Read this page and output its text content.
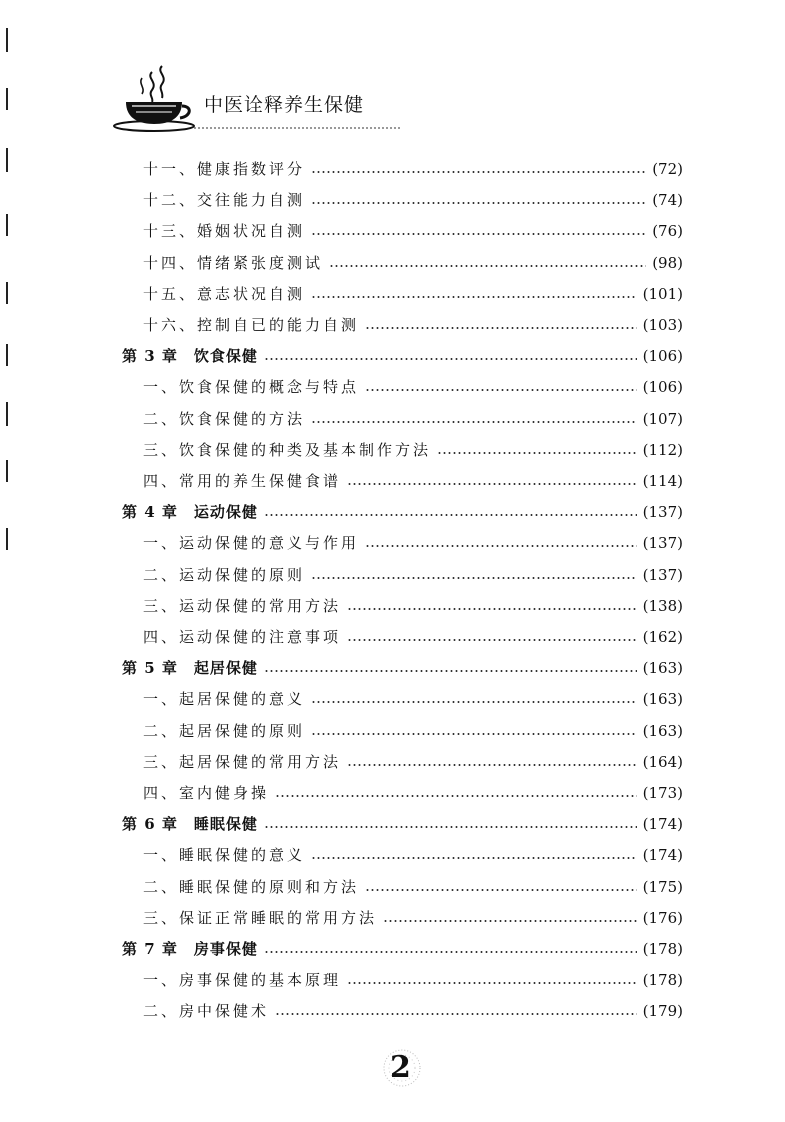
中医诠释养生保健
十一、健康指数评分	(72)
十二、交往能力自测	(74)
十三、婚姻状况自测	(76)
十四、情绪紧张度测试	(98)
十五、意志状况自测	(101)
十六、控制自已的能力自测	(103)
第 3 章　饮食保健	(106)
一、饮食保健的概念与特点	(106)
二、饮食保健的方法	(107)
三、饮食保健的种类及基本制作方法	(112)
四、常用的养生保健食谱	(114)
第 4 章　运动保健	(137)
一、运动保健的意义与作用	(137)
二、运动保健的原则	(137)
三、运动保健的常用方法	(138)
四、运动保健的注意事项	(162)
第 5 章　起居保健	(163)
一、起居保健的意义	(163)
二、起居保健的原则	(163)
三、起居保健的常用方法	(164)
四、室内健身操	(173)
第 6 章　睡眠保健	(174)
一、睡眠保健的意义	(174)
二、睡眠保健的原则和方法	(175)
三、保证正常睡眠的常用方法	(176)
第 7 章　房事保健	(178)
一、房事保健的基本原理	(178)
二、房中保健术	(179)
2
